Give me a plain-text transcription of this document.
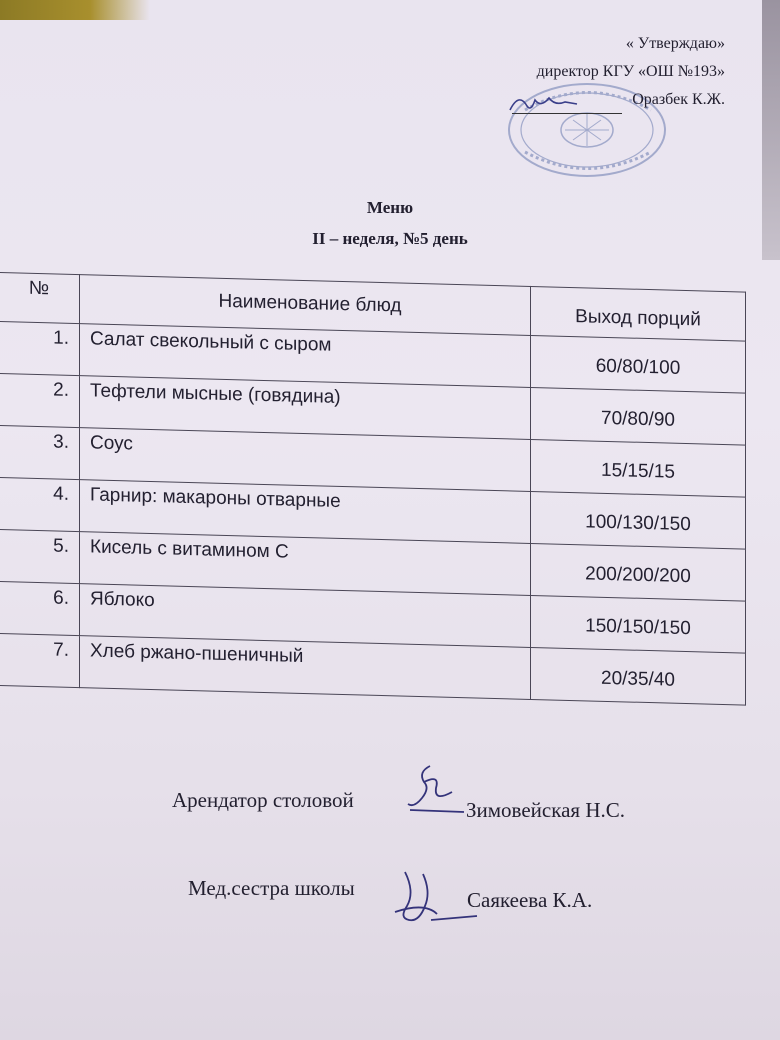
« Утверждаю»
директор КГУ «ОШ №193»
Оразбек К.Ж.
Меню
II – неделя, №5 день
№	Наименование блюд	Выход порций

1.	Салат свекольный с сыром	60/80/100

2.	Тефтели мысные (говядина)	70/80/90

3.	Соус	15/15/15

4.	Гарнир: макароны отварные	100/130/150

5.	Кисель с витамином С	200/200/200

6.	Яблоко	150/150/150

7.	Хлеб ржано-пшеничный	20/35/40
Арендатор столовой	Зимовейская Н.С.
Мед.сестра школы	Саякеева К.А.
